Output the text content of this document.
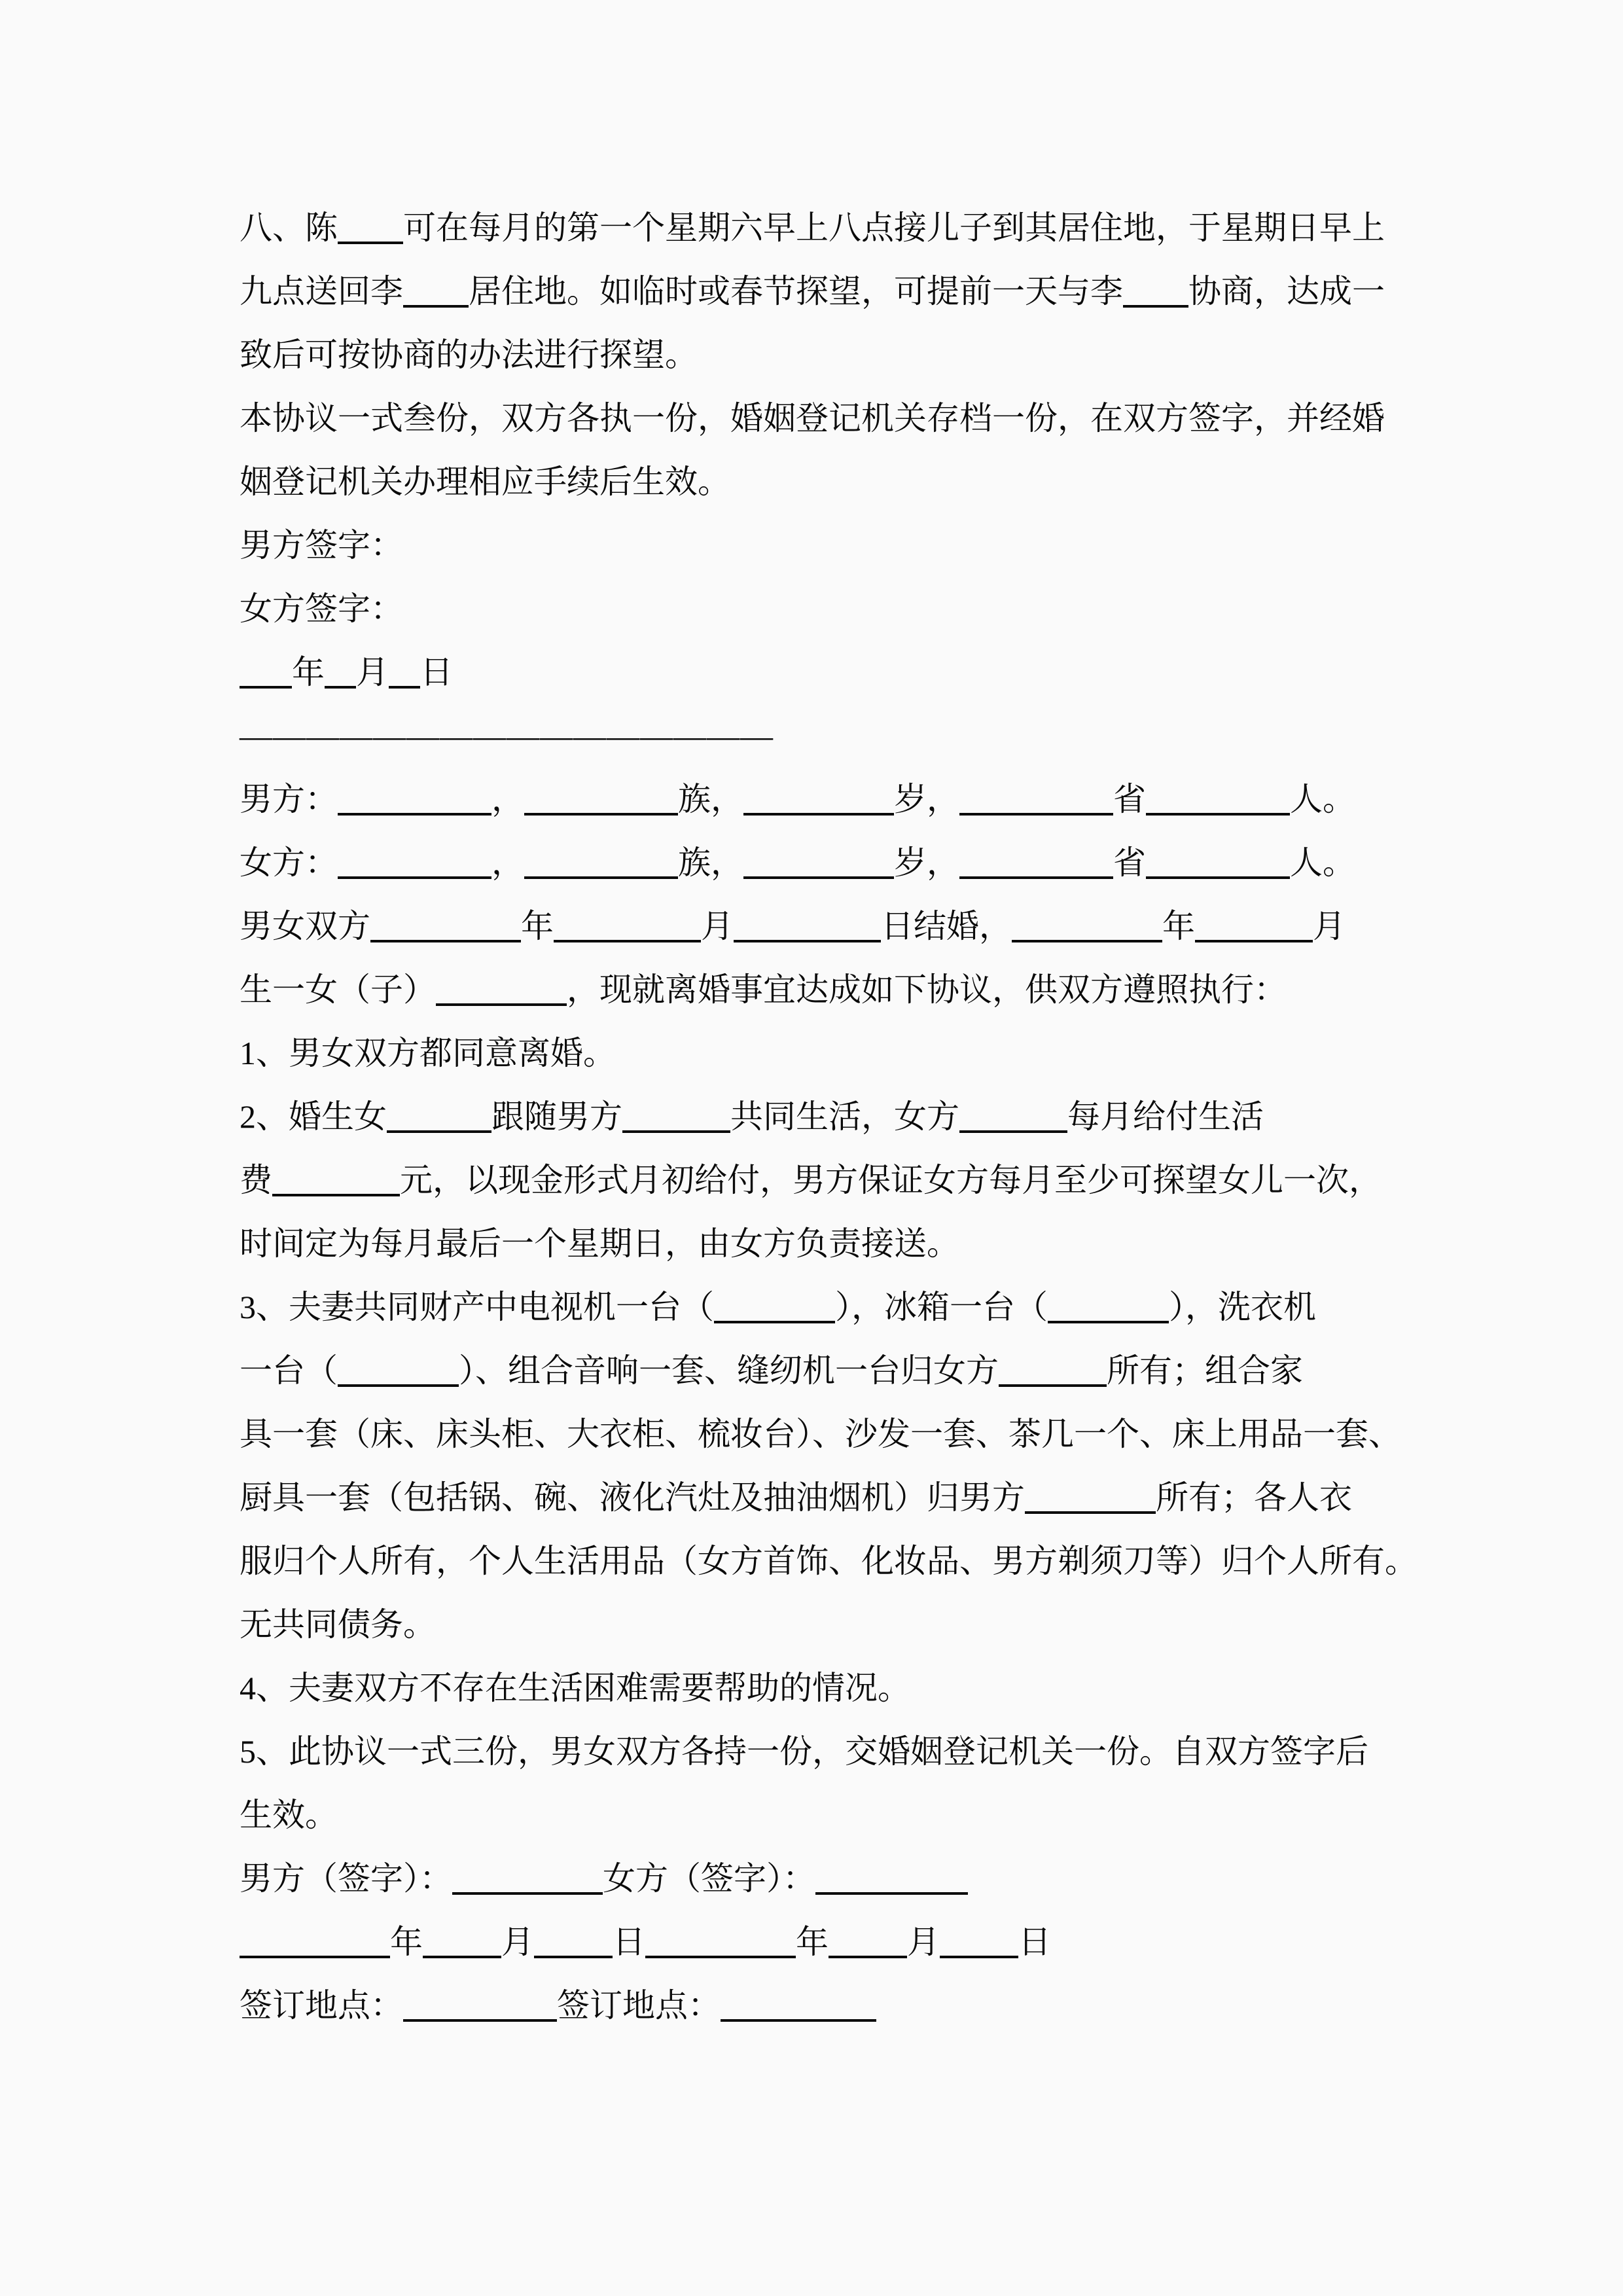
八、陈 可在每月的第一个星期六早上八点接儿子到其居住地，于星期日早上
九点送回李 居住地。如临时或春节探望，可提前一天与李 协商，达成一
致后可按协商的办法进行探望。
本协议一式叁份，双方各执一份，婚姻登记机关存档一份，在双方签字，并经婚
姻登记机关办理相应手续后生效。
男方签字：
女方签字：
年 月 日
————————————————
男方：	，	族，	岁，	省	人。
女方：	，	族，	岁，	省	人。
男女双方	年	月	日结婚，	年	月
生一女（子）	，现就离婚事宜达成如下协议，供双方遵照执行：
1、男女双方都同意离婚。
2、婚生女	跟随男方	共同生活，女方	每月给付生活
费	元，以现金形式月初给付，男方保证女方每月至少可探望女儿一次，
时间定为每月最后一个星期日，由女方负责接送。
3、夫妻共同财产中电视机一台（	），冰箱一台（	），洗衣机
一台（	）、组合音响一套、缝纫机一台归女方	所有；组合家
具一套（床、床头柜、大衣柜、梳妆台）、沙发一套、茶几一个、床上用品一套、
厨具一套（包括锅、碗、液化汽灶及抽油烟机）归男方	所有；各人衣
服归个人所有，个人生活用品（女方首饰、化妆品、男方剃须刀等）归个人所有。
无共同债务。
4、夫妻双方不存在生活困难需要帮助的情况。
5、此协议一式三份，男女双方各持一份，交婚姻登记机关一份。自双方签字后
生效。
男方（签字）：	女方（签字）：
年 月 日	年 月 日
签订地点：	签订地点：
